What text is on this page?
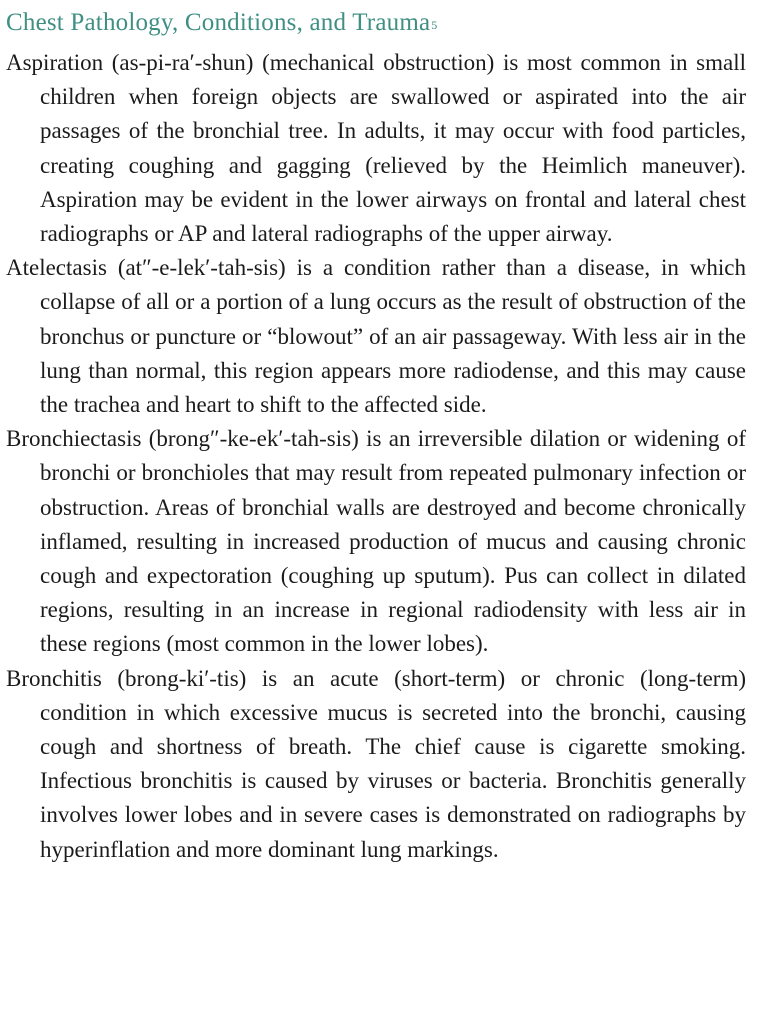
Chest Pathology, Conditions, and Trauma$^5$

Aspiration (as-pi-ra′-shun) (mechanical obstruction) is most common in small children when foreign objects are swallowed or aspirated into the air passages of the bronchial tree. In adults, it may occur with food particles, creating coughing and gagging (relieved by the Heimlich maneuver). Aspiration may be evident in the lower airways on frontal and lateral chest radiographs or AP and lateral radiographs of the upper airway.

Atelectasis (at″-e-lek′-tah-sis) is a condition rather than a disease, in which collapse of all or a portion of a lung occurs as the result of obstruction of the bronchus or puncture or “blowout” of an air passageway. With less air in the lung than normal, this region appears more radiodense, and this may cause the trachea and heart to shift to the affected side.

Bronchiectasis (brong″-ke-ek′-tah-sis) is an irreversible dilation or widening of bronchi or bronchioles that may result from repeated pulmonary infection or obstruction. Areas of bronchial walls are destroyed and become chronically inflamed, resulting in increased production of mucus and causing chronic cough and expectoration (coughing up sputum). Pus can collect in dilated regions, resulting in an increase in regional radiodensity with less air in these regions (most common in the lower lobes).

Bronchitis (brong-ki′-tis) is an acute (short-term) or chronic (long-term) condition in which excessive mucus is secreted into the bronchi, causing cough and shortness of breath. The chief cause is cigarette smoking. Infectious bronchitis is caused by viruses or bacteria. Bronchitis generally involves lower lobes and in severe cases is demonstrated on radiographs by hyperinflation and more dominant lung markings.
